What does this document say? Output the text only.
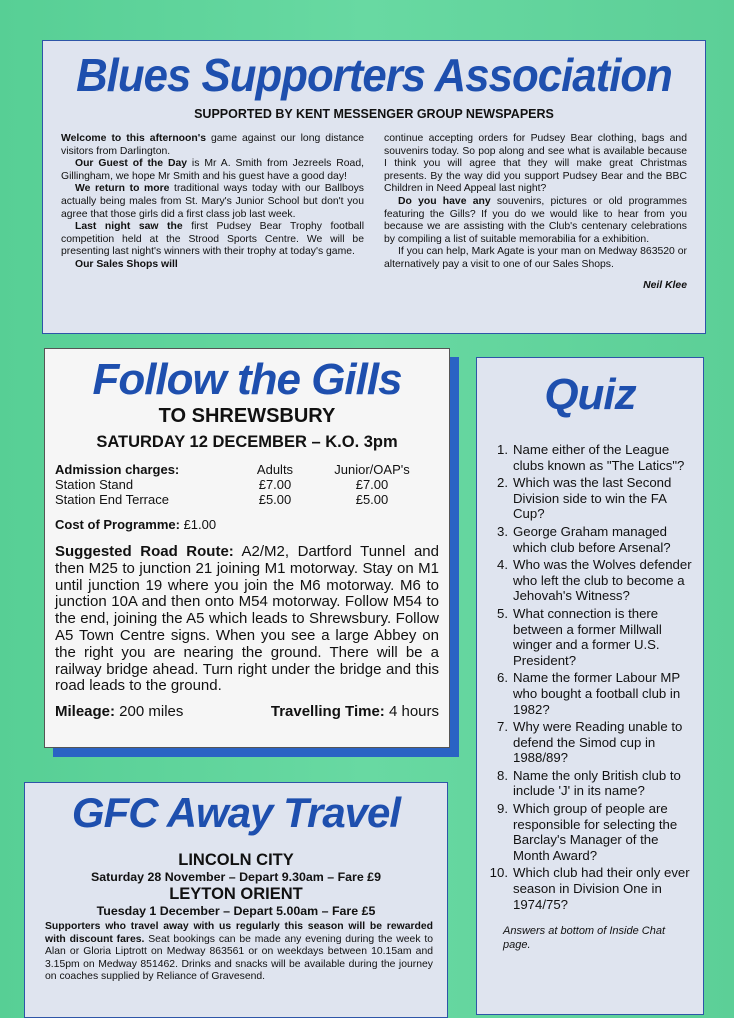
Blues Supporters Association
SUPPORTED BY KENT MESSENGER GROUP NEWSPAPERS

Welcome to this afternoon's game against our long distance visitors from Darlington.

Our Guest of the Day is Mr A. Smith from Jezreels Road, Gillingham, we hope Mr Smith and his guest have a good day!

We return to more traditional ways today with our Ballboys actually being males from St. Mary's Junior School but don't you agree that those girls did a first class job last week.

Last night saw the first Pudsey Bear Trophy football competition held at the Strood Sports Centre. We will be presenting last night's winners with their trophy at today's game.

Our Sales Shops will

continue accepting orders for Pudsey Bear clothing, bags and souvenirs today. So pop along and see what is available because I think you will agree that they will make great Christmas presents. By the way did you support Pudsey Bear and the BBC Children in Need Appeal last night?

Do you have any souvenirs, pictures or old programmes featuring the Gills? If you do we would like to hear from you because we are assisting with the Club's centenary celebrations by compiling a list of suitable memorabilia for a exhibition.

If you can help, Mark Agate is your man on Medway 863520 or alternatively pay a visit to one of our Sales Shops.

Neil Klee
Follow the Gills
TO SHREWSBURY
SATURDAY 12 DECEMBER – K.O. 3pm
Admission charges:	Adults	Junior/OAP's
Station Stand	£7.00	£7.00
Station End Terrace	£5.00	£5.00
Cost of Programme: £1.00
Suggested Road Route: A2/M2, Dartford Tunnel and then M25 to junction 21 joining M1 motorway. Stay on M1 until junction 19 where you join the M6 motorway. M6 to junction 10A and then onto M54 motorway. Follow M54 to the end, joining the A5 which leads to Shrewsbury. Follow A5 Town Centre signs. When you see a large Abbey on the right you are nearing the ground. There will be a railway bridge ahead. Turn right under the bridge and this road leads to the ground.
Mileage: 200 miles	Travelling Time: 4 hours
Quiz
1. Name either of the League clubs known as "The Latics"?
2. Which was the last Second Division side to win the FA Cup?
3. George Graham managed which club before Arsenal?
4. Who was the Wolves defender who left the club to become a Jehovah's Witness?
5. What connection is there between a former Millwall winger and a former U.S. President?
6. Name the former Labour MP who bought a football club in 1982?
7. Why were Reading unable to defend the Simod cup in 1988/89?
8. Name the only British club to include 'J' in its name?
9. Which group of people are responsible for selecting the Barclay's Manager of the Month Award?
10. Which club had their only ever season in Division One in 1974/75?
Answers at bottom of Inside Chat page.
GFC Away Travel
LINCOLN CITY
Saturday 28 November – Depart 9.30am – Fare £9
LEYTON ORIENT
Tuesday 1 December – Depart 5.00am – Fare £5
Supporters who travel away with us regularly this season will be rewarded with discount fares. Seat bookings can be made any evening during the week to Alan or Gloria Liptrott on Medway 863561 or on weekdays between 10.15am and 3.15pm on Medway 851462. Drinks and snacks will be available during the journey on coaches supplied by Reliance of Gravesend.
